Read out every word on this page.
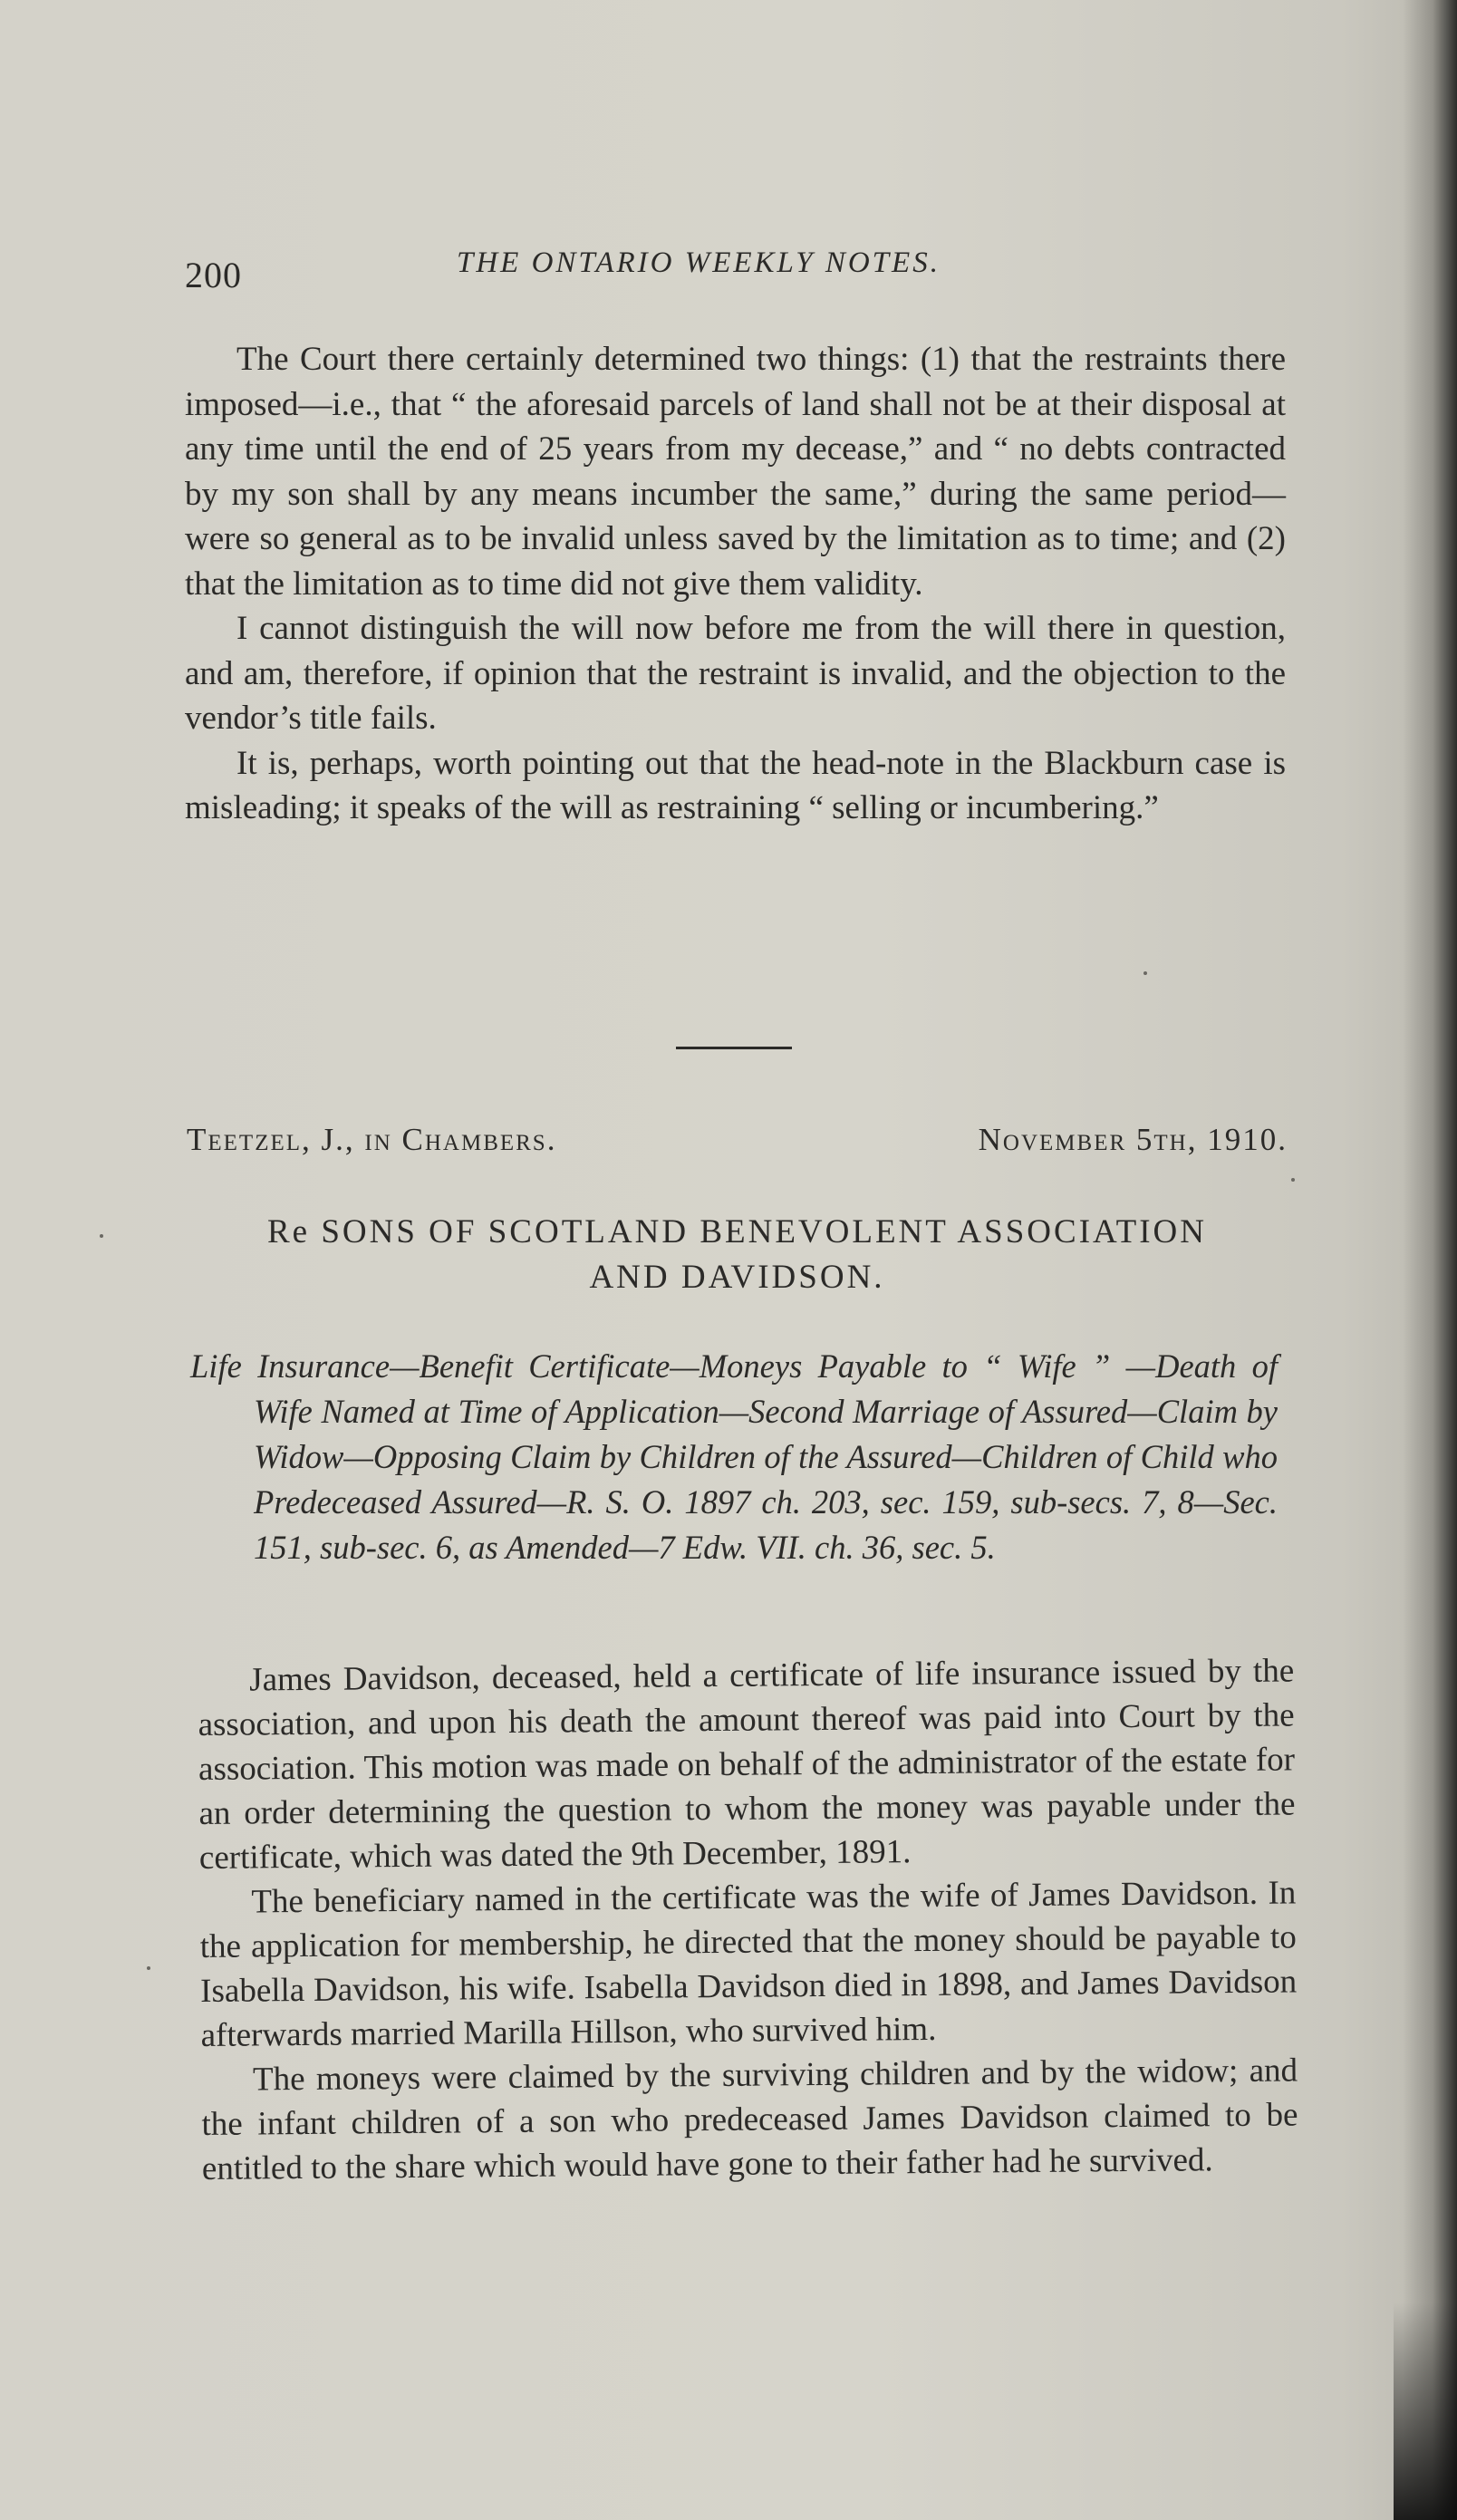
200	THE ONTARIO WEEKLY NOTES.

The Court there certainly determined two things: (1) that the restraints there imposed—i.e., that “ the aforesaid parcels of land shall not be at their disposal at any time until the end of 25 years from my decease,” and “ no debts contracted by my son shall by any means incumber the same,” during the same period—were so general as to be invalid unless saved by the limitation as to time; and (2) that the limitation as to time did not give them validity.

I cannot distinguish the will now before me from the will there in question, and am, therefore, if opinion that the restraint is invalid, and the objection to the vendor’s title fails.

It is, perhaps, worth pointing out that the head-note in the Blackburn case is misleading; it speaks of the will as restraining “ selling or incumbering.”

Teetzel, J., in Chambers.	November 5th, 1910.
Re SONS OF SCOTLAND BENEVOLENT ASSOCIATION
AND DAVIDSON.
Life Insurance—Benefit Certificate—Moneys Payable to “ Wife ” —Death of Wife Named at Time of Application—Second Marriage of Assured—Claim by Widow—Opposing Claim by Children of the Assured—Children of Child who Predeceased Assured—R. S. O. 1897 ch. 203, sec. 159, sub-secs. 7, 8—Sec. 151, sub-sec. 6, as Amended—7 Edw. VII. ch. 36, sec. 5.

James Davidson, deceased, held a certificate of life insurance issued by the association, and upon his death the amount thereof was paid into Court by the association. This motion was made on behalf of the administrator of the estate for an order determining the question to whom the money was payable under the certificate, which was dated the 9th December, 1891.

The beneficiary named in the certificate was the wife of James Davidson. In the application for membership, he directed that the money should be payable to Isabella Davidson, his wife. Isabella Davidson died in 1898, and James Davidson afterwards married Marilla Hillson, who survived him.

The moneys were claimed by the surviving children and by the widow; and the infant children of a son who predeceased James Davidson claimed to be entitled to the share which would have gone to their father had he survived.
